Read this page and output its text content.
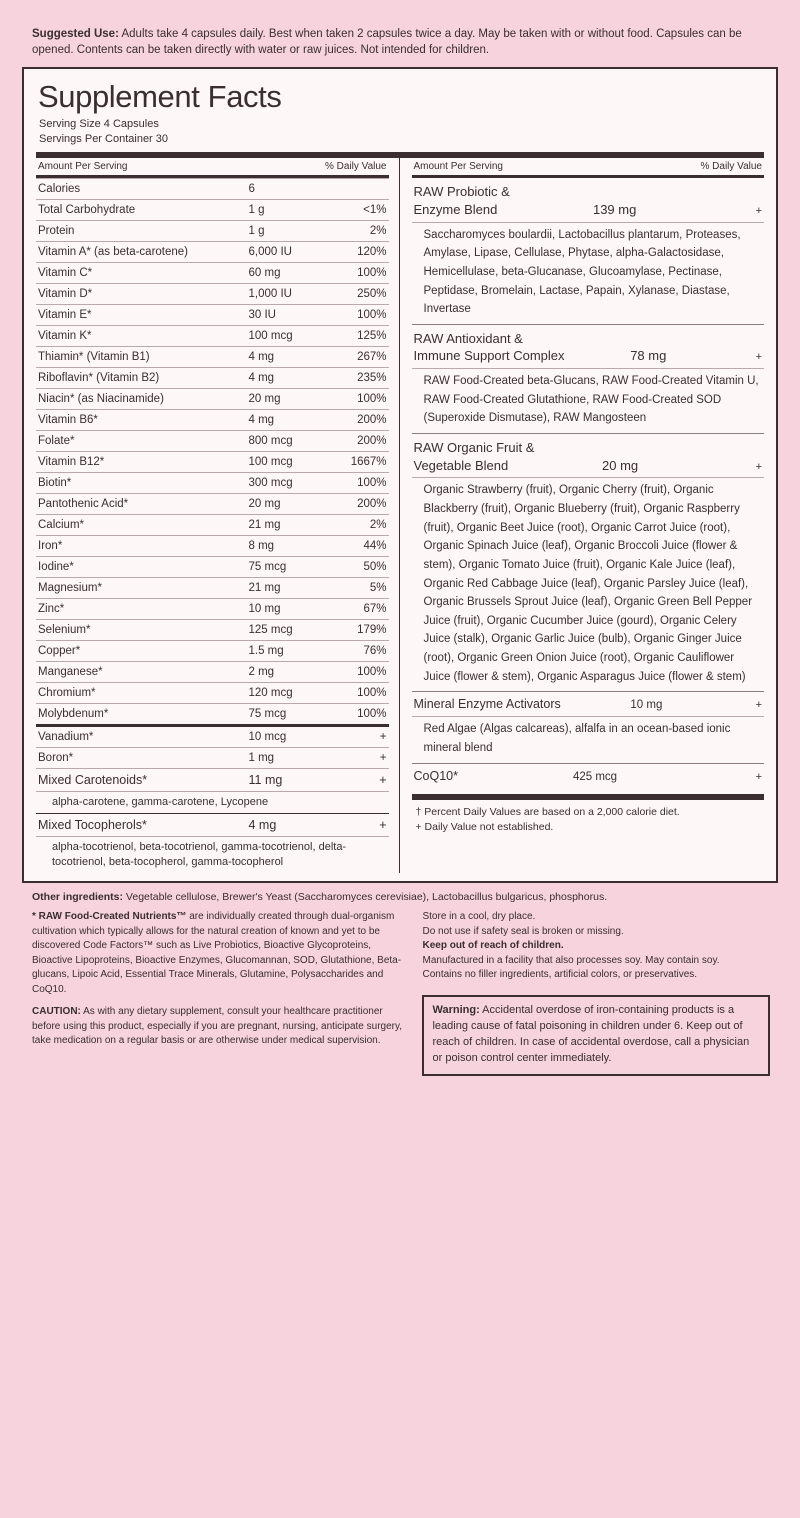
Suggested Use: Adults take 4 capsules daily. Best when taken 2 capsules twice a day. May be taken with or without food. Capsules can be opened. Contents can be taken directly with water or raw juices. Not intended for children.
Supplement Facts
Serving Size 4 Capsules
Servings Per Container 30
Amount Per Serving	% Daily Value
Calories	6
Total Carbohydrate	1 g	<1%
Protein	1 g	2%
Vitamin A* (as beta-carotene)	6,000 IU	120%
Vitamin C*	60 mg	100%
Vitamin D*	1,000 IU	250%
Vitamin E*	30 IU	100%
Vitamin K*	100 mcg	125%
Thiamin* (Vitamin B1)	4 mg	267%
Riboflavin* (Vitamin B2)	4 mg	235%
Niacin* (as Niacinamide)	20 mg	100%
Vitamin B6*	4 mg	200%
Folate*	800 mcg	200%
Vitamin B12*	100 mcg	1667%
Biotin*	300 mcg	100%
Pantothenic Acid*	20 mg	200%
Calcium*	21 mg	2%
Iron*	8 mg	44%
Iodine*	75 mcg	50%
Magnesium*	21 mg	5%
Zinc*	10 mg	67%
Selenium*	125 mcg	179%
Copper*	1.5 mg	76%
Manganese*	2 mg	100%
Chromium*	120 mcg	100%
Molybdenum*	75 mcg	100%
Vanadium*	10 mcg	+
Boron*	1 mg	+
Mixed Carotenoids*	11 mg	+
alpha-carotene, gamma-carotene, Lycopene
Mixed Tocopherols*	4 mg	+
alpha-tocotrienol, beta-tocotrienol, gamma-tocotrienol, delta-tocotrienol, beta-tocopherol, gamma-tocopherol
Amount Per Serving	% Daily Value
RAW Probiotic &
Enzyme Blend	139 mg	+
Saccharomyces boulardii, Lactobacillus plantarum, Proteases, Amylase, Lipase, Cellulase, Phytase, alpha-Galactosidase, Hemicellulase, beta-Glucanase, Glucoamylase, Pectinase, Peptidase, Bromelain, Lactase, Papain, Xylanase, Diastase, Invertase
RAW Antioxidant &
Immune Support Complex	78 mg	+
RAW Food-Created beta-Glucans, RAW Food-Created Vitamin U, RAW Food-Created Glutathione, RAW Food-Created SOD (Superoxide Dismutase), RAW Mangosteen
RAW Organic Fruit &
Vegetable Blend	20 mg	+
Organic Strawberry (fruit), Organic Cherry (fruit), Organic Blackberry (fruit), Organic Blueberry (fruit), Organic Raspberry (fruit), Organic Beet Juice (root), Organic Carrot Juice (root), Organic Spinach Juice (leaf), Organic Broccoli Juice (flower & stem), Organic Tomato Juice (fruit), Organic Kale Juice (leaf), Organic Red Cabbage Juice (leaf), Organic Parsley Juice (leaf), Organic Brussels Sprout Juice (leaf), Organic Green Bell Pepper Juice (fruit), Organic Cucumber Juice (gourd), Organic Celery Juice (stalk), Organic Garlic Juice (bulb), Organic Ginger Juice (root), Organic Green Onion Juice (root), Organic Cauliflower Juice (flower & stem), Organic Asparagus Juice (flower & stem)
Mineral Enzyme Activators	10 mg	+
Red Algae (Algas calcareas), alfalfa in an ocean-based ionic mineral blend
CoQ10*	425 mcg	+
† Percent Daily Values are based on a 2,000 calorie diet.
+ Daily Value not established.
Other ingredients: Vegetable cellulose, Brewer's Yeast (Saccharomyces cerevisiae), Lactobacillus bulgaricus, phosphorus.

* RAW Food-Created Nutrients™ are individually created through dual-organism cultivation which typically allows for the natural creation of known and yet to be discovered Code Factors™ such as Live Probiotics, Bioactive Glycoproteins, Bioactive Lipoproteins, Bioactive Enzymes, Glucomannan, SOD, Glutathione, Beta-glucans, Lipoic Acid, Essential Trace Minerals, Glutamine, Polysaccharides and CoQ10.

CAUTION: As with any dietary supplement, consult your healthcare practitioner before using this product, especially if you are pregnant, nursing, anticipate surgery, take medication on a regular basis or are otherwise under medical supervision.

Store in a cool, dry place.
Do not use if safety seal is broken or missing.
Keep out of reach of children.
Manufactured in a facility that also processes soy. May contain soy.
Contains no filler ingredients, artificial colors, or preservatives.
Warning: Accidental overdose of iron-containing products is a leading cause of fatal poisoning in children under 6. Keep out of reach of children. In case of accidental overdose, call a physician or poison control center immediately.
